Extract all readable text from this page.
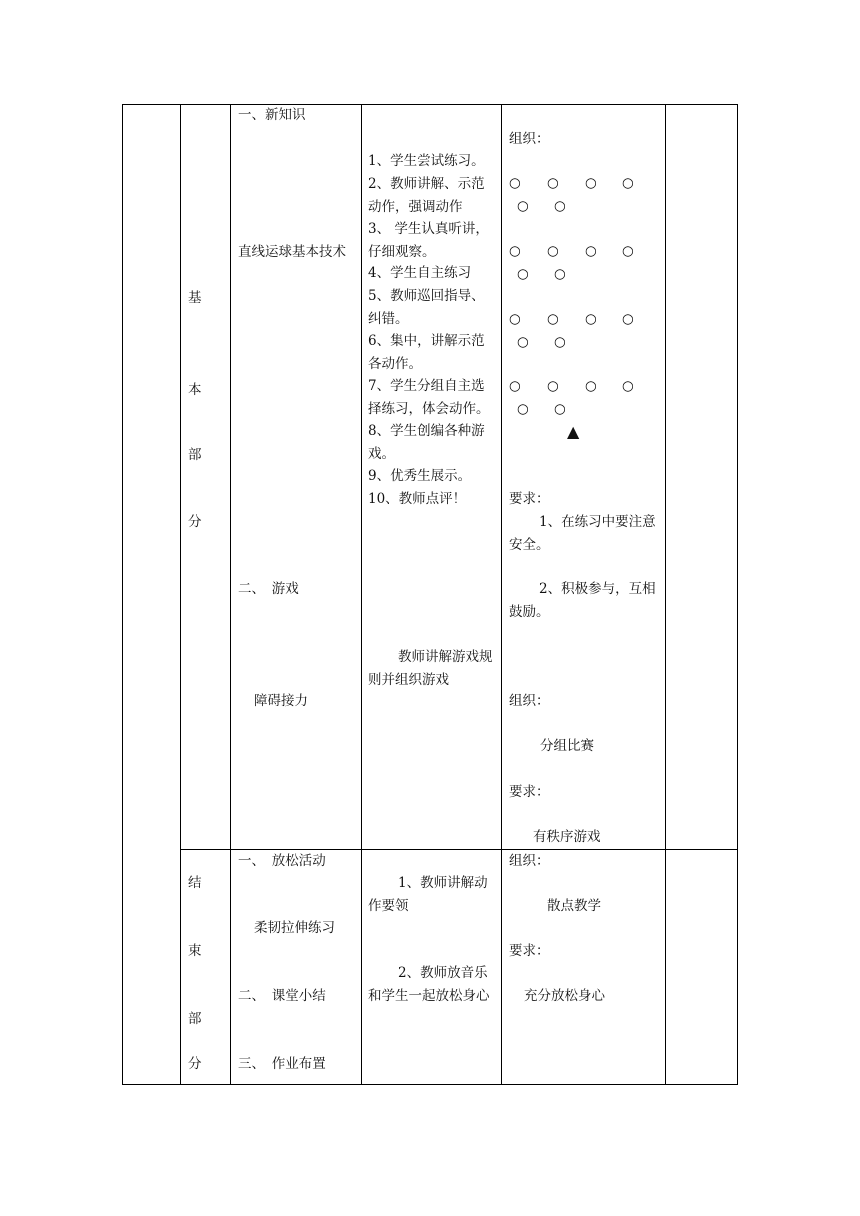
基
本
部
分
一、新知识
直线运球基本技术
二、　游戏
障碍接力
1、学生尝试练习。
2、教师讲解、示范动作，强调动作
3、 学生认真听讲，仔细观察。
4、学生自主练习
5、教师巡回指导、纠错。
6、集中，讲解示范各动作。
7、学生分组自主选择练习，体会动作。
8、学生创编各种游戏。
9、优秀生展示。
10、教师点评！
教师讲解游戏规则并组织游戏
组织：
○ ○ ○ ○
○ ○
○ ○ ○ ○
○ ○
○ ○ ○ ○
○ ○
○ ○ ○ ○
○ ○
▲
要求：
1、在练习中要注意安全。
2、积极参与，互相鼓励。
组织：
分组比赛
要求：
有秩序游戏
结
束
部
分
一、　放松活动
柔韧拉伸练习
二、　课堂小结
三、　作业布置
1、教师讲解动作要领
2、教师放音乐和学生一起放松身心
组织：
散点教学
要求：
充分放松身心
